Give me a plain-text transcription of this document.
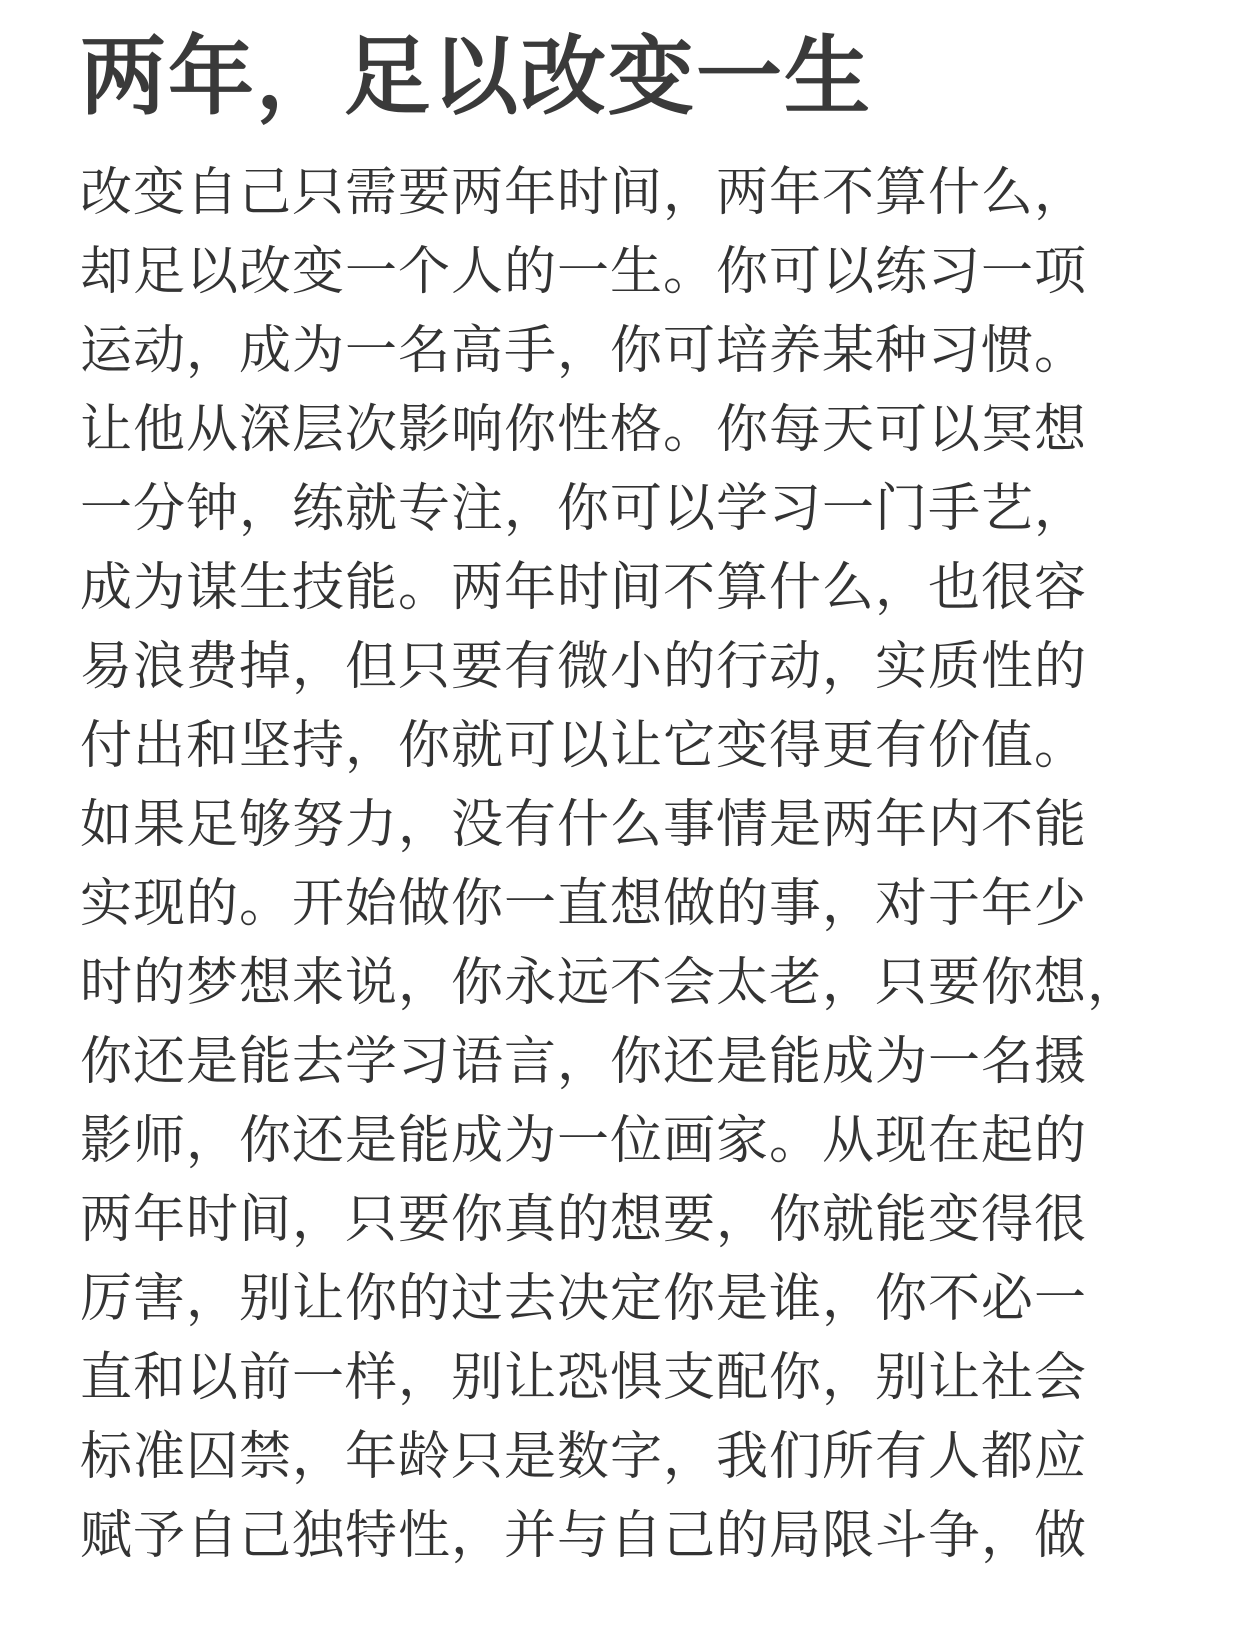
两年，足以改变一生
改变自己只需要两年时间，两年不算什么，
却足以改变一个人的一生。你可以练习一项
运动，成为一名高手，你可培养某种习惯。
让他从深层次影响你性格。你每天可以冥想
一分钟，练就专注，你可以学习一门手艺，
成为谋生技能。两年时间不算什么，也很容
易浪费掉，但只要有微小的行动，实质性的
付出和坚持，你就可以让它变得更有价值。
如果足够努力，没有什么事情是两年内不能
实现的。开始做你一直想做的事，对于年少
时的梦想来说，你永远不会太老，只要你想，
你还是能去学习语言，你还是能成为一名摄
影师，你还是能成为一位画家。从现在起的
两年时间，只要你真的想要，你就能变得很
厉害，别让你的过去决定你是谁，你不必一
直和以前一样，别让恐惧支配你，别让社会
标准囚禁，年龄只是数字，我们所有人都应
赋予自己独特性，并与自己的局限斗争，做
